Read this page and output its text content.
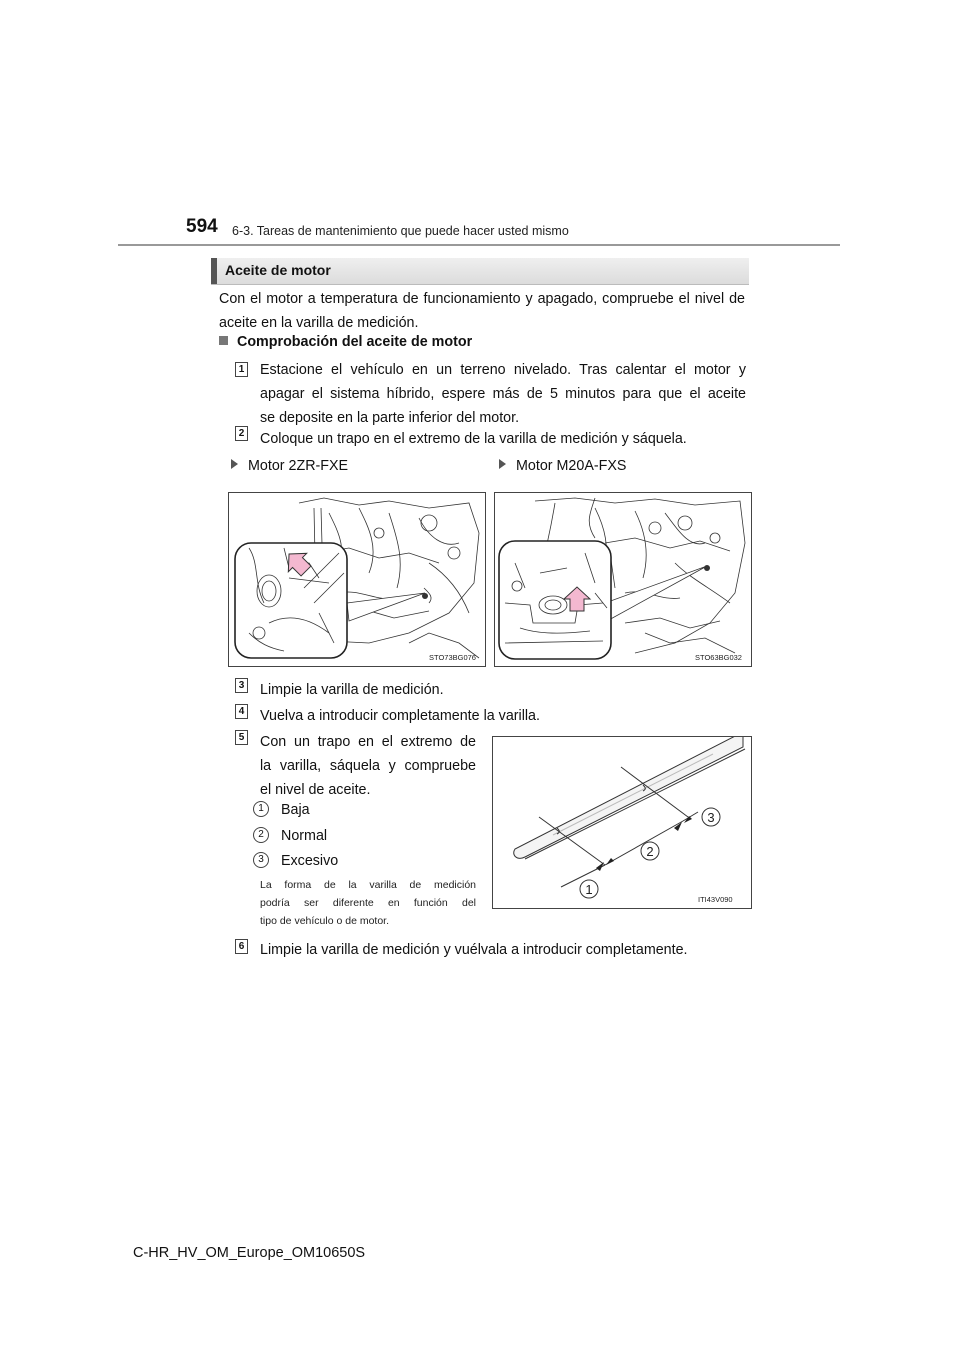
594 6-3. Tareas de mantenimiento que puede hacer usted mismo
Aceite de motor
Con el motor a temperatura de funcionamiento y apagado, compruebe el nivel de aceite en la varilla de medición.
Comprobación del aceite de motor
1 Estacione el vehículo en un terreno nivelado. Tras calentar el motor y
apagar el sistema híbrido, espere más de 5 minutos para que el aceite
se deposite en la parte inferior del motor.
2 Coloque un trapo en el extremo de la varilla de medición y sáquela.
Motor 2ZR-FXE	Motor M20A-FXS
STO73BG076	STO63BG032
3 Limpie la varilla de medición.
4 Vuelva a introducir completamente la varilla.
5 Con un trapo en el extremo de
la varilla, sáquela y compruebe
el nivel de aceite.
1	Baja
2	Normal
3	Excesivo
La forma de la varilla de medición
podría ser diferente en función del
tipo de vehículo o de motor.
1
2
3
ITI43V090
6 Limpie la varilla de medición y vuélvala a introducir completamente.
C-HR_HV_OM_Europe_OM10650S
